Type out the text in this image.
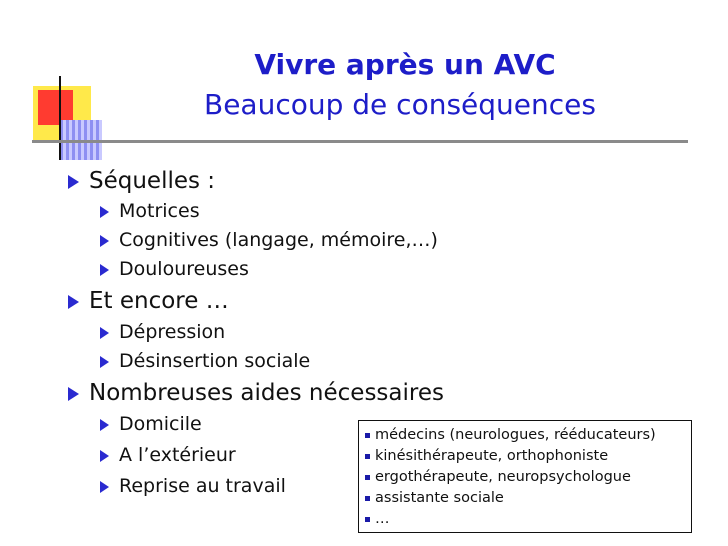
Vivre après un AVC
Beaucoup de conséquences
Séquelles :
Motrices
Cognitives (langage, mémoire,…)
Douloureuses
Et encore …
Dépression
Désinsertion sociale
Nombreuses aides nécessaires
Domicile
A l’extérieur
Reprise au travail
médecins (neurologues, rééducateurs)
kinésithérapeute, orthophoniste
ergothérapeute, neuropsychologue
assistante sociale
…
